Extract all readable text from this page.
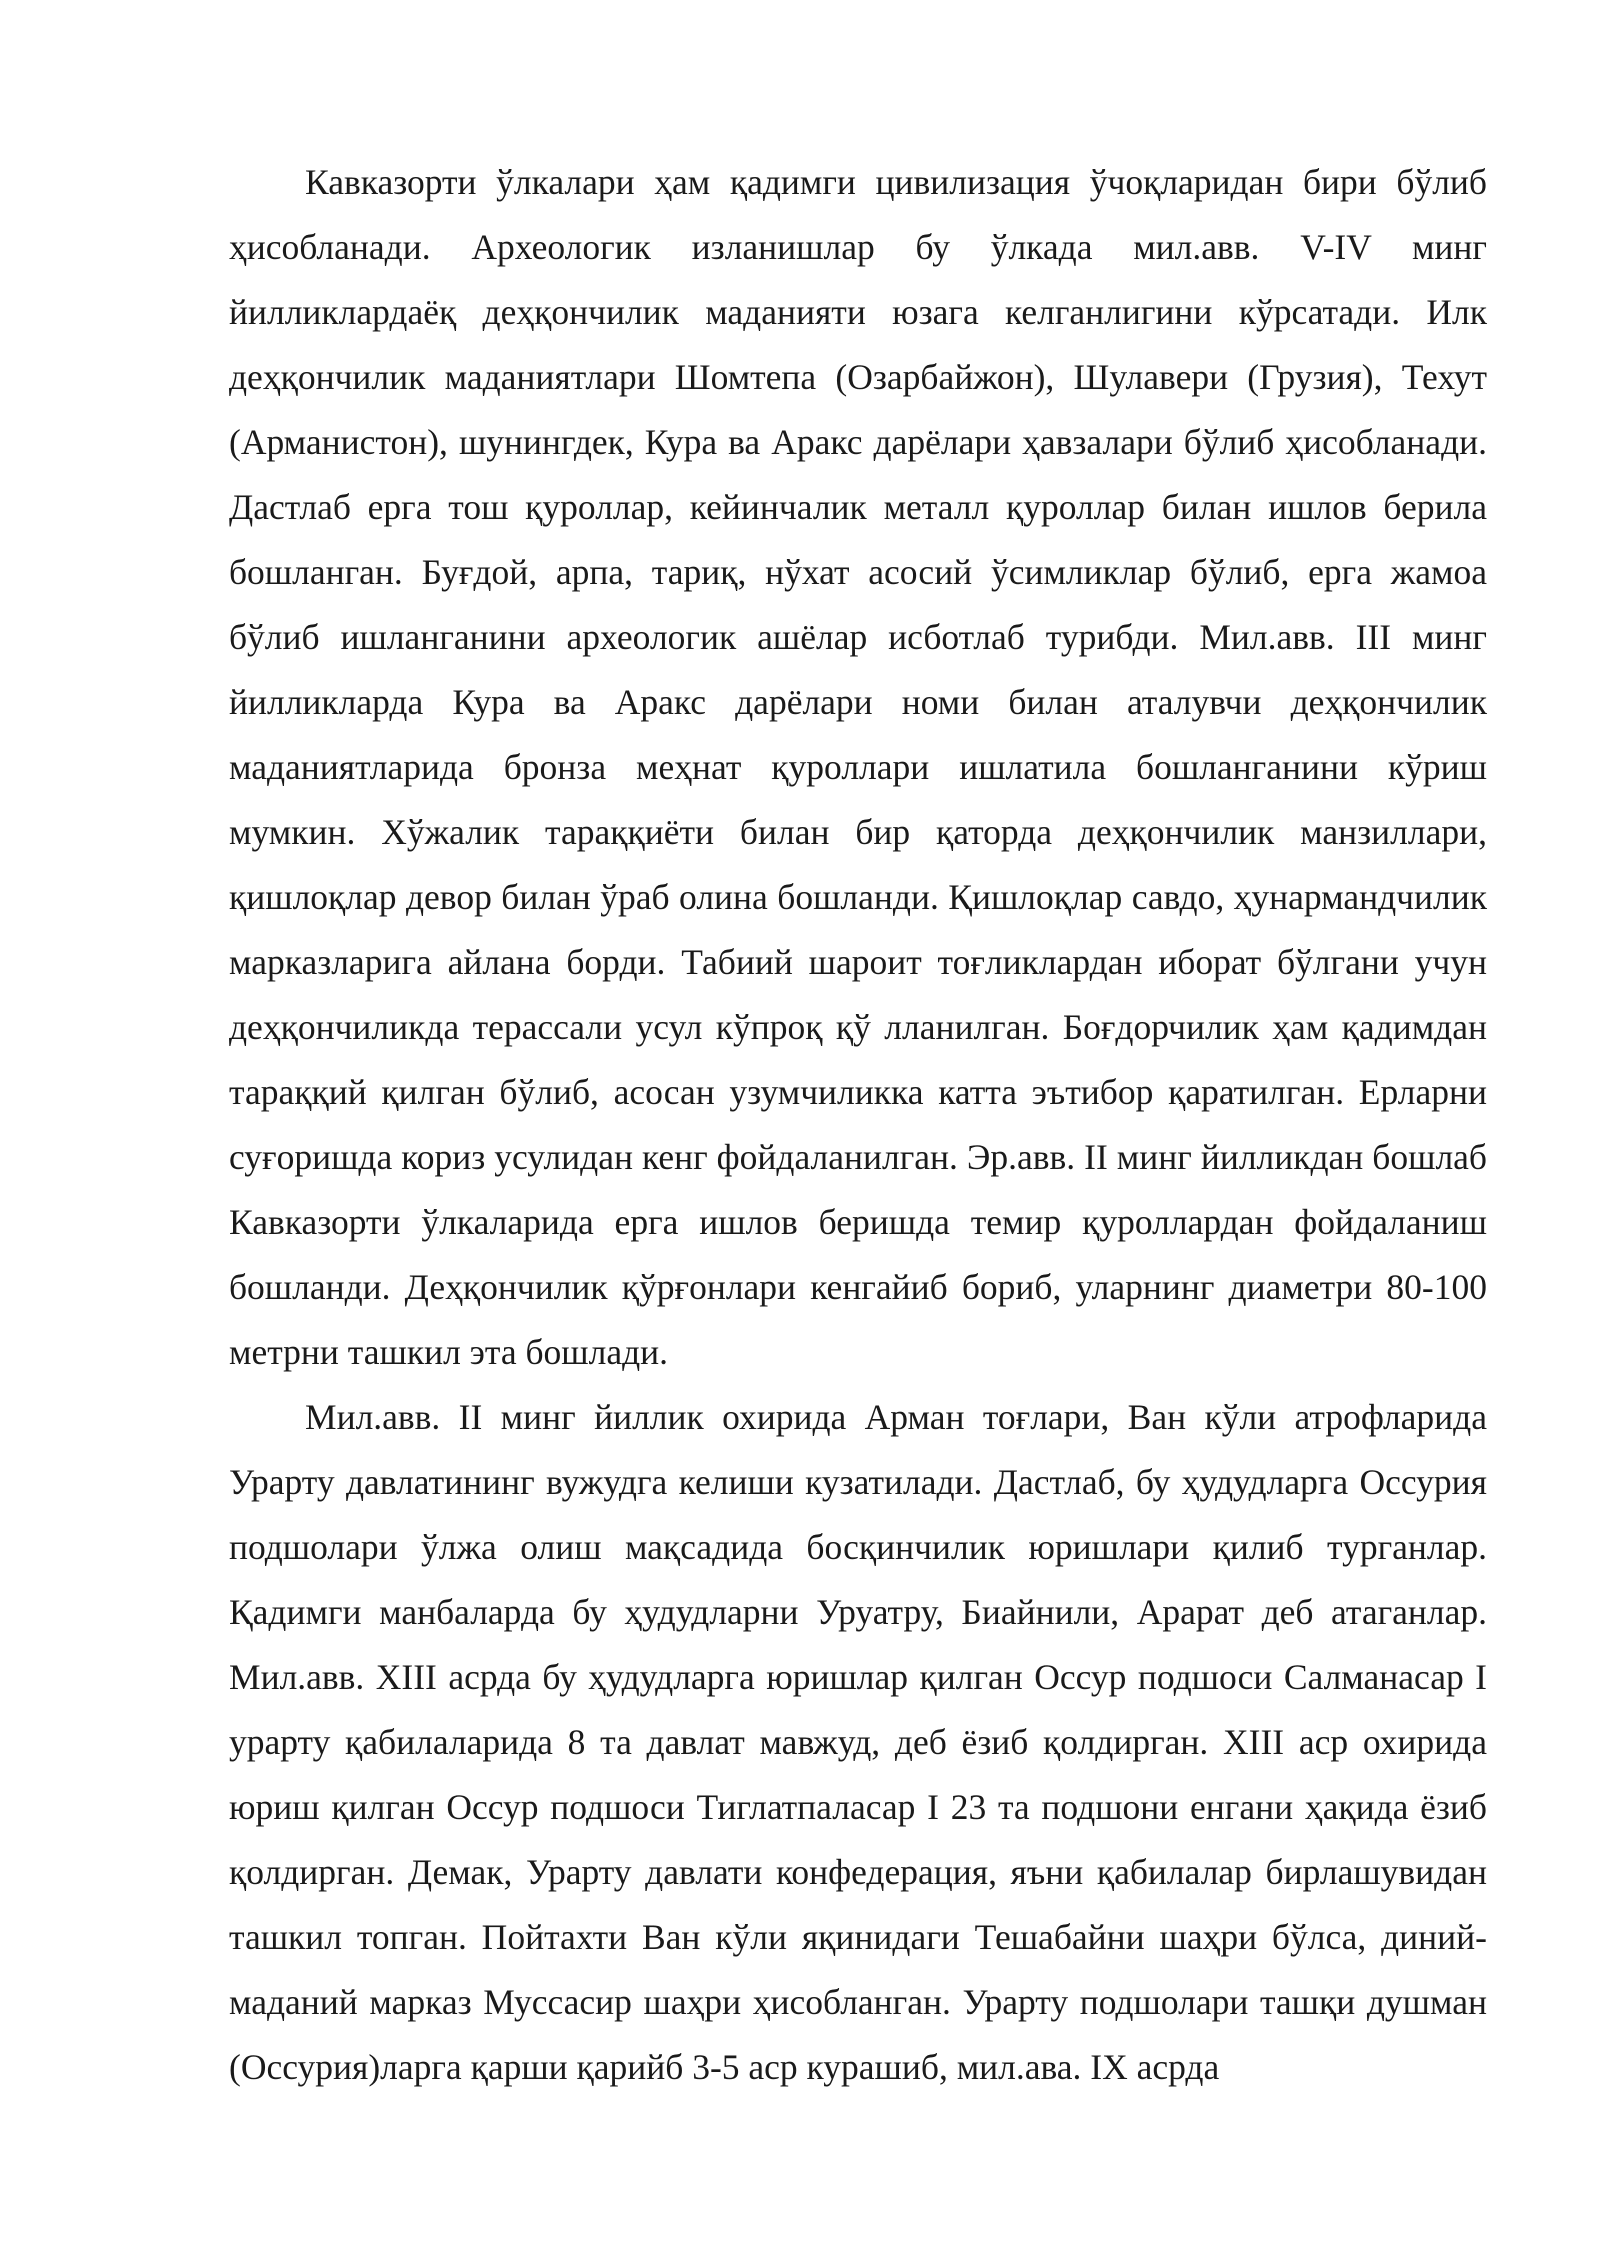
Кавказорти ўлкалари ҳам қадимги цивилизация ўчоқларидан бири бўлиб ҳисобланади. Археологик изланишлар бу ўлкада мил.авв. V-IV минг йилликлардаёқ деҳқончилик маданияти юзага келганлигини кўрсатади. Илк деҳқончилик маданиятлари Шомтепа (Озарбайжон), Шулавери (Грузия), Техут (Арманистон), шунингдек, Кура ва Аракс дарёлари ҳавзалари бўлиб ҳисобланади. Дастлаб ерга тош қуроллар, кейинчалик металл қуроллар билан ишлов берила бошланган. Буғдой, арпа, тариқ, нўхат асосий ўсимликлар бўлиб, ерга жамоа бўлиб ишланганини археологик ашёлар исботлаб турибди. Мил.авв. III минг йилликларда Кура ва Аракс дарёлари номи билан аталувчи деҳқончилик маданиятларида бронза меҳнат қуроллари ишлатила бошланганини кўриш мумкин. Хўжалик тараққиёти билан бир қаторда деҳқончилик манзиллари, қишлоқлар девор билан ўраб олина бошланди. Қишлоқлар савдо, ҳунармандчилик марказларига айлана борди. Табиий шароит тоғликлардан иборат бўлгани учун деҳқончиликда терассали усул кўпроқ қў лланилган. Боғдорчилик ҳам қадимдан тараққий қилган бўлиб, асосан узумчиликка катта эътибор қаратилган. Ерларни суғоришда кориз усулидан кенг фойдаланилган. Эр.авв. II минг йилликдан бошлаб Кавказорти ўлкаларида ерга ишлов беришда темир қуроллардан фойдаланиш бошланди. Деҳқончилик қўрғонлари кенгайиб бориб, уларнинг диаметри 80-100 метрни ташкил эта бошлади.

Мил.авв. II минг йиллик охирида Арман тоғлари, Ван кўли атрофларида Урарту давлатининг вужудга келиши кузатилади. Дастлаб, бу ҳудудларга Оссурия подшолари ўлжа олиш мақсадида босқинчилик юришлари қилиб турганлар. Қадимги манбаларда бу ҳудудларни Уруатру, Биайнили, Арарат деб атаганлар. Мил.авв. XIII асрда бу ҳудудларга юришлар қилган Оссур подшоси Салманасар I урарту қабилаларида 8 та давлат мавжуд, деб ёзиб қолдирган. XIII аср охирида юриш қилган Оссур подшоси Тиглатпаласар I 23 та подшони енгани ҳақида ёзиб қолдирган. Демак, Урарту давлати конфедерация, яъни қабилалар бирлашувидан ташкил топган. Пойтахти Ван кўли яқинидаги Тешабайни шаҳри бўлса, диний-маданий марказ Муссасир шаҳри ҳисобланган. Урарту подшолари ташқи душман (Оссурия)ларга қарши қарийб 3-5 аср курашиб, мил.ава. IX асрда
